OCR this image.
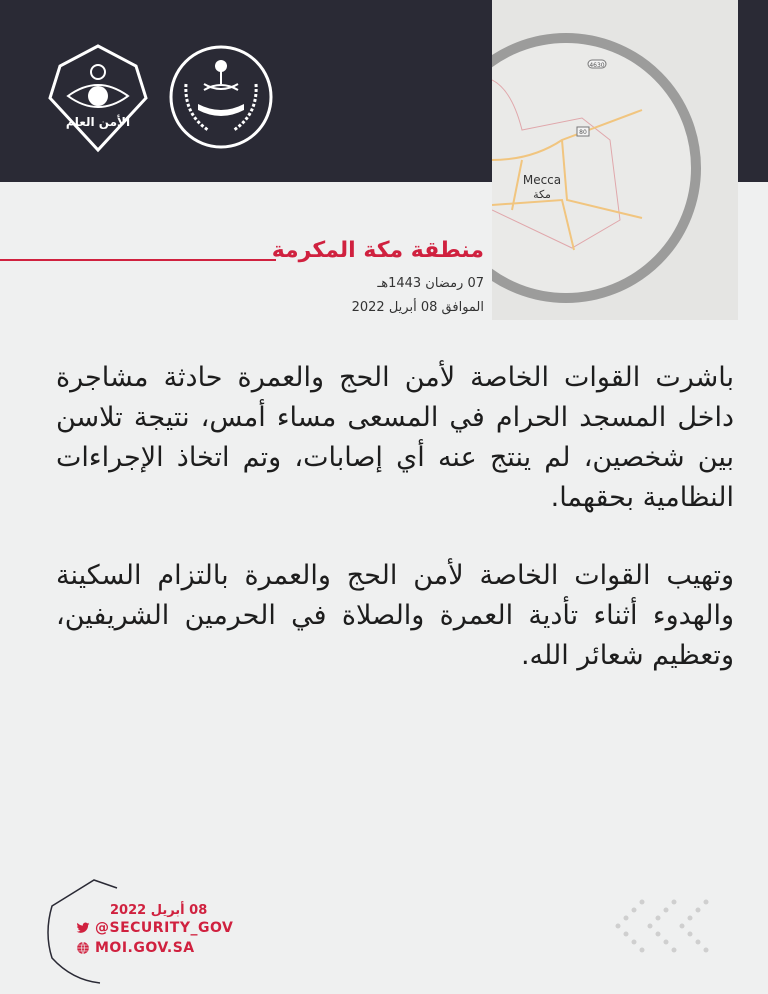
الأمن العام
4630
80
Mecca
مكة
منطقة مكة المكرمة
07 رمضان 1443هـ
الموافق 08 أبريل 2022

باشرت القوات الخاصة لأمن الحج والعمرة حادثة مشاجرة داخل المسجد الحرام في المسعى مساء أمس، نتيجة تلاسن بين شخصين، لم ينتج عنه أي إصابات، وتم اتخاذ الإجراءات النظامية بحقهما.

وتهيب القوات الخاصة لأمن الحج والعمرة بالتزام السكينة والهدوء أثناء تأدية العمرة والصلاة في الحرمين الشريفين، وتعظيم شعائر الله.

08 أبريل 2022
@SECURITY_GOV
MOI.GOV.SA
